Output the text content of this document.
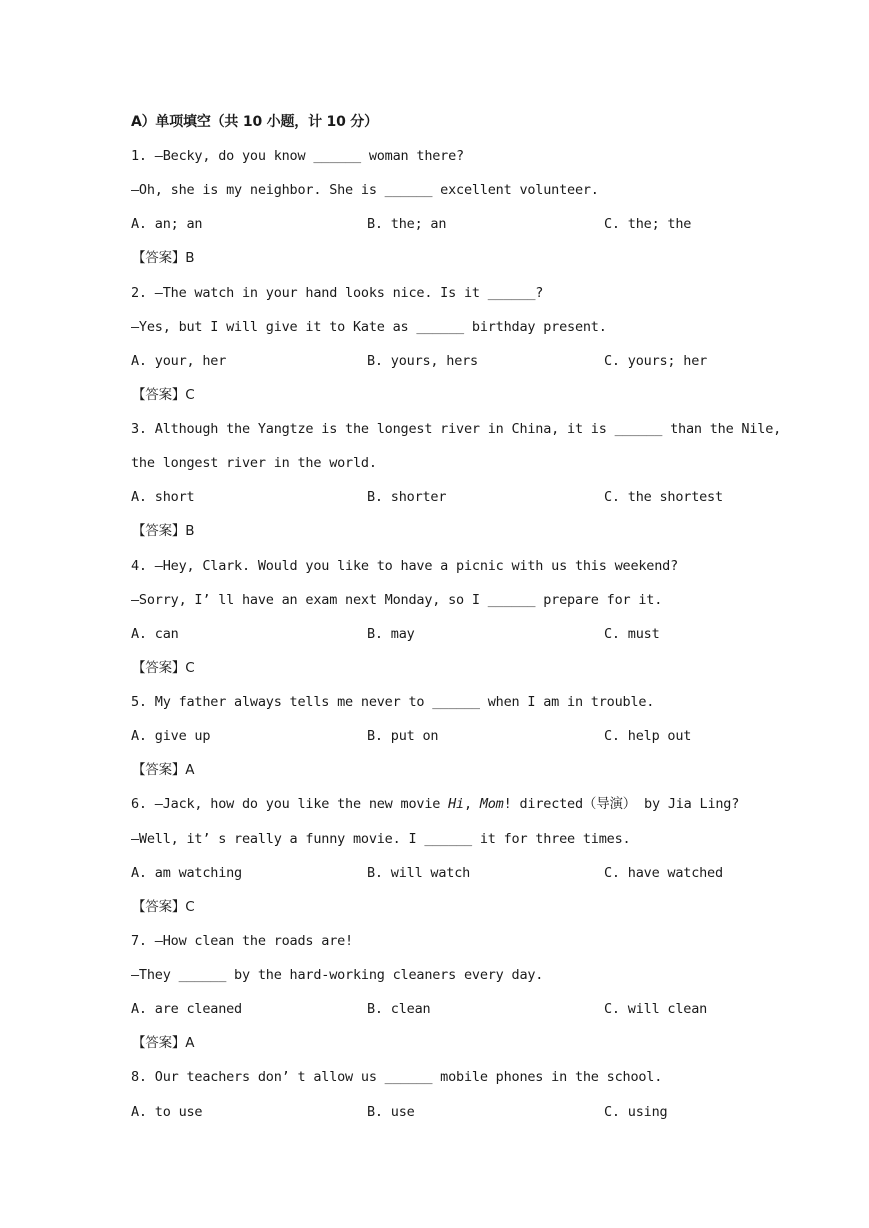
A）单项填空（共 10 小题，计 10 分）
1. —Becky, do you know ______ woman there?
—Oh, she is my neighbor. She is ______ excellent volunteer.

A. an; an

	B. the; an

	C. the; the

【答案】B
2. —The watch in your hand looks nice. Is it ______?
—Yes, but I will give it to Kate as ______ birthday present.

A. your, her

	B. yours, hers

	C. yours; her

【答案】C
3. Although the Yangtze is the longest river in China, it is ______ than the Nile,
the longest river in the world.

A. short

	B. shorter

	C. the shortest

【答案】B
4. —Hey, Clark. Would you like to have a picnic with us this weekend?
—Sorry, I’ ll have an exam next Monday, so I ______ prepare for it.

A. can

	B. may

	C. must

【答案】C
5. My father always tells me never to ______ when I am in trouble.

A. give up

	B. put on

	C. help out

【答案】A
6. —Jack, how do you like the new movie Hi, Mom! directed（导演） by Jia Ling?
—Well, it’ s really a funny movie. I ______ it for three times.

A. am watching

	B. will watch

	C. have watched

【答案】C
7. —How clean the roads are!
—They ______ by the hard-working cleaners every day.

A. are cleaned

	B. clean

	C. will clean

【答案】A
8. Our teachers don’ t allow us ______ mobile phones in the school.

A. to use

	B. use

	C. using
